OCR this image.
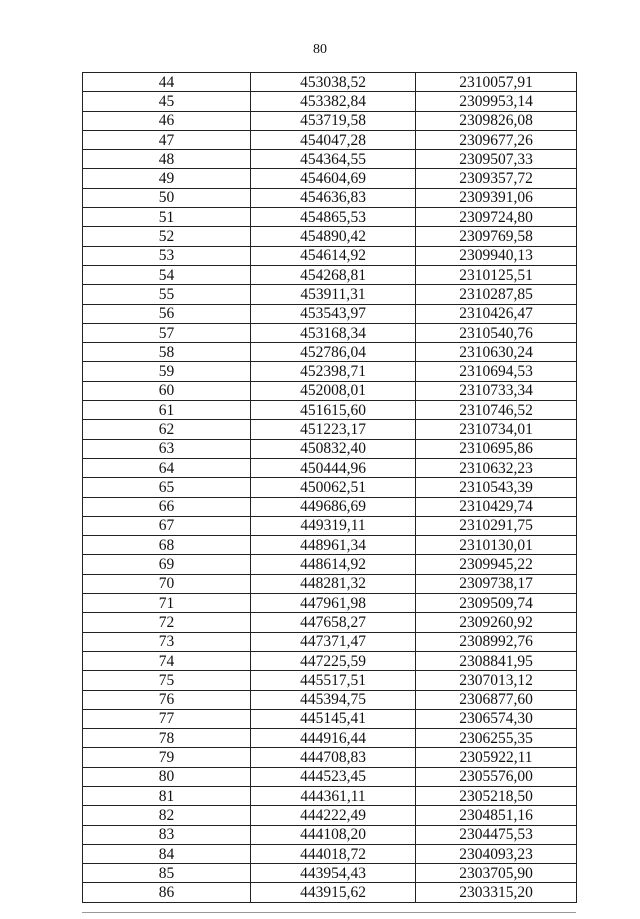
80
44	453038,52	2310057,91
45	453382,84	2309953,14
46	453719,58	2309826,08
47	454047,28	2309677,26
48	454364,55	2309507,33
49	454604,69	2309357,72
50	454636,83	2309391,06
51	454865,53	2309724,80
52	454890,42	2309769,58
53	454614,92	2309940,13
54	454268,81	2310125,51
55	453911,31	2310287,85
56	453543,97	2310426,47
57	453168,34	2310540,76
58	452786,04	2310630,24
59	452398,71	2310694,53
60	452008,01	2310733,34
61	451615,60	2310746,52
62	451223,17	2310734,01
63	450832,40	2310695,86
64	450444,96	2310632,23
65	450062,51	2310543,39
66	449686,69	2310429,74
67	449319,11	2310291,75
68	448961,34	2310130,01
69	448614,92	2309945,22
70	448281,32	2309738,17
71	447961,98	2309509,74
72	447658,27	2309260,92
73	447371,47	2308992,76
74	447225,59	2308841,95
75	445517,51	2307013,12
76	445394,75	2306877,60
77	445145,41	2306574,30
78	444916,44	2306255,35
79	444708,83	2305922,11
80	444523,45	2305576,00
81	444361,11	2305218,50
82	444222,49	2304851,16
83	444108,20	2304475,53
84	444018,72	2304093,23
85	443954,43	2303705,90
86	443915,62	2303315,20
